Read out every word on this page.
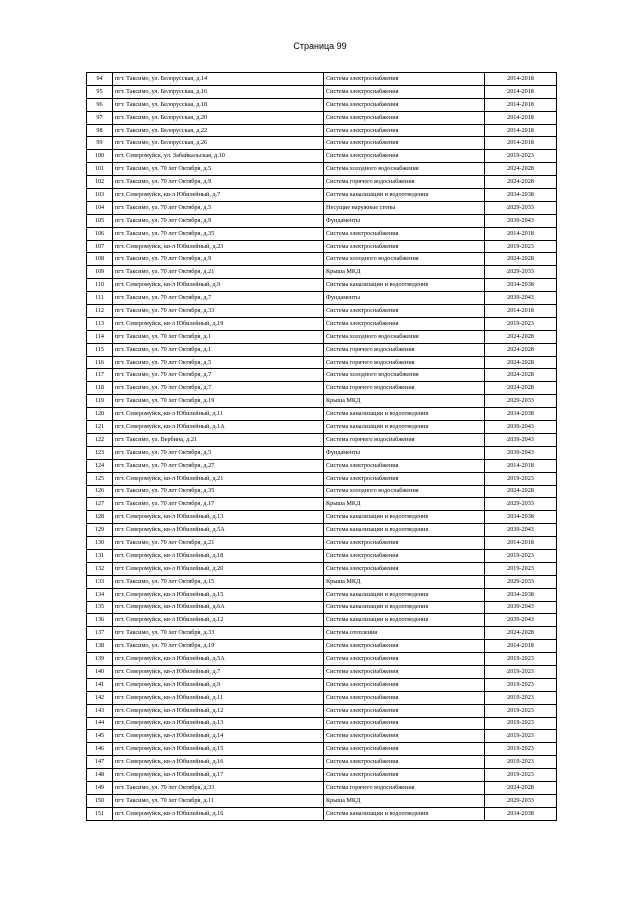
Страница 99
94	пгт. Таксимо, ул. Белорусская, д.14	Система электроснабжения	2014-2018
95	пгт. Таксимо, ул. Белорусская, д.16	Система электроснабжения	2014-2018
96	пгт. Таксимо, ул. Белорусская, д.18	Система электроснабжения	2014-2018
97	пгт. Таксимо, ул. Белорусская, д.20	Система электроснабжения	2014-2018
98	пгт. Таксимо, ул. Белорусская, д.22	Система электроснабжения	2014-2018
99	пгт. Таксимо, ул. Белорусская, д.26	Система электроснабжения	2014-2018
100	пгт. Северомуйск, ул. Забайкальская, д.10	Система электроснабжения	2019-2023
101	пгт. Таксимо, ул. 70 лет Октября, д.5	Система холодного водоснабжения	2024-2028
102	пгт. Таксимо, ул. 70 лет Октября, д.9	Система горячего водоснабжения	2024-2028
103	пгт. Северомуйск, кв-л Юбилейный, д.7	Система канализации и водоотведения	2034-2038
104	пгт. Таксимо, ул. 70 лет Октября, д.5	Несущие наружные стены	2029-2033
105	пгт. Таксимо, ул. 70 лет Октября, д.9	Фундаменты	2039-2043
106	пгт. Таксимо, ул. 70 лет Октября, д.35	Система электроснабжения	2014-2018
107	пгт. Северомуйск, кв-л Юбилейный, д.23	Система электроснабжения	2019-2023
108	пгт. Таксимо, ул. 70 лет Октября, д.9	Система холодного водоснабжения	2024-2028
109	пгт. Таксимо, ул. 70 лет Октября, д.21	Крыша МКД	2029-2033
110	пгт. Северомуйск, кв-л Юбилейный, д.9	Система канализации и водоотведения	2034-2038
111	пгт. Таксимо, ул. 70 лет Октября, д.7	Фундаменты	2039-2043
112	пгт. Таксимо, ул. 70 лет Октября, д.33	Система электроснабжения	2014-2018
113	пгт. Северомуйск, кв-л Юбилейный, д.19	Система электроснабжения	2019-2023
114	пгт. Таксимо, ул. 70 лет Октября, д.1	Система холодного водоснабжения	2024-2028
115	пгт. Таксимо, ул. 70 лет Октября, д.1	Система горячего водоснабжения	2024-2028
116	пгт. Таксимо, ул. 70 лет Октября, д.5	Система горячего водоснабжения	2024-2028
117	пгт. Таксимо, ул. 70 лет Октября, д.7	Система холодного водоснабжения	2024-2028
118	пгт. Таксимо, ул. 70 лет Октября, д.7	Система горячего водоснабжения	2024-2028
119	пгт. Таксимо, ул. 70 лет Октября, д.19	Крыша МКД	2029-2033
120	пгт. Северомуйск, кв-л Юбилейный, д.11	Система канализации и водоотведения	2034-2038
121	пгт. Северомуйск, кв-л Юбилейный, д.1А	Система канализации и водоотведения	2039-2043
122	пгт. Таксимо, ул. Вербина, д.21	Система горячего водоснабжения	2039-2043
123	пгт. Таксимо, ул. 70 лет Октября, д.5	Фундаменты	2039-2043
124	пгт. Таксимо, ул. 70 лет Октября, д.27	Система электроснабжения	2014-2018
125	пгт. Северомуйск, кв-л Юбилейный, д.21	Система электроснабжения	2019-2023
126	пгт. Таксимо, ул. 70 лет Октября, д.35	Система холодного водоснабжения	2024-2028
127	пгт. Таксимо, ул. 70 лет Октября, д.17	Крыша МКД	2029-2033
128	пгт. Северомуйск, кв-л Юбилейный, д.13	Система канализации и водоотведения	2034-2038
129	пгт. Северомуйск, кв-л Юбилейный, д.5А	Система канализации и водоотведения	2039-2043
130	пгт. Таксимо, ул. 70 лет Октября, д.21	Система электроснабжения	2014-2018
131	пгт. Северомуйск, кв-л Юбилейный, д.18	Система электроснабжения	2019-2023
132	пгт. Северомуйск, кв-л Юбилейный, д.20	Система электроснабжения	2019-2023
133	пгт. Таксимо, ул. 70 лет Октября, д.15	Крыша МКД	2029-2033
134	пгт. Северомуйск, кв-л Юбилейный, д.15	Система канализации и водоотведения	2034-2038
135	пгт. Северомуйск, кв-л Юбилейный, д.6А	Система канализации и водоотведения	2039-2043
136	пгт. Северомуйск, кв-л Юбилейный, д.12	Система канализации и водоотведения	2039-2043
137	пгт. Таксимо, ул. 70 лет Октября, д.33	Система отопления	2024-2028
138	пгт. Таксимо, ул. 70 лет Октября, д.19	Система электроснабжения	2014-2018
139	пгт. Северомуйск, кв-л Юбилейный, д.5А	Система электроснабжения	2019-2023
140	пгт. Северомуйск, кв-л Юбилейный, д.7	Система электроснабжения	2019-2023
141	пгт. Северомуйск, кв-л Юбилейный, д.9	Система электроснабжения	2019-2023
142	пгт. Северомуйск, кв-л Юбилейный, д.11	Система электроснабжения	2019-2023
143	пгт. Северомуйск, кв-л Юбилейный, д.12	Система электроснабжения	2019-2023
144	пгт. Северомуйск, кв-л Юбилейный, д.13	Система электроснабжения	2019-2023
145	пгт. Северомуйск, кв-л Юбилейный, д.14	Система электроснабжения	2019-2023
146	пгт. Северомуйск, кв-л Юбилейный, д.15	Система электроснабжения	2019-2023
147	пгт. Северомуйск, кв-л Юбилейный, д.16	Система электроснабжения	2019-2023
148	пгт. Северомуйск, кв-л Юбилейный, д.17	Система электроснабжения	2019-2023
149	пгт. Таксимо, ул. 70 лет Октября, д.33	Система горячего водоснабжения	2024-2028
150	пгт. Таксимо, ул. 70 лет Октября, д.11	Крыша МКД	2029-2033
151	пгт. Северомуйск, кв-л Юбилейный, д.16	Система канализации и водоотведения	2034-2038
